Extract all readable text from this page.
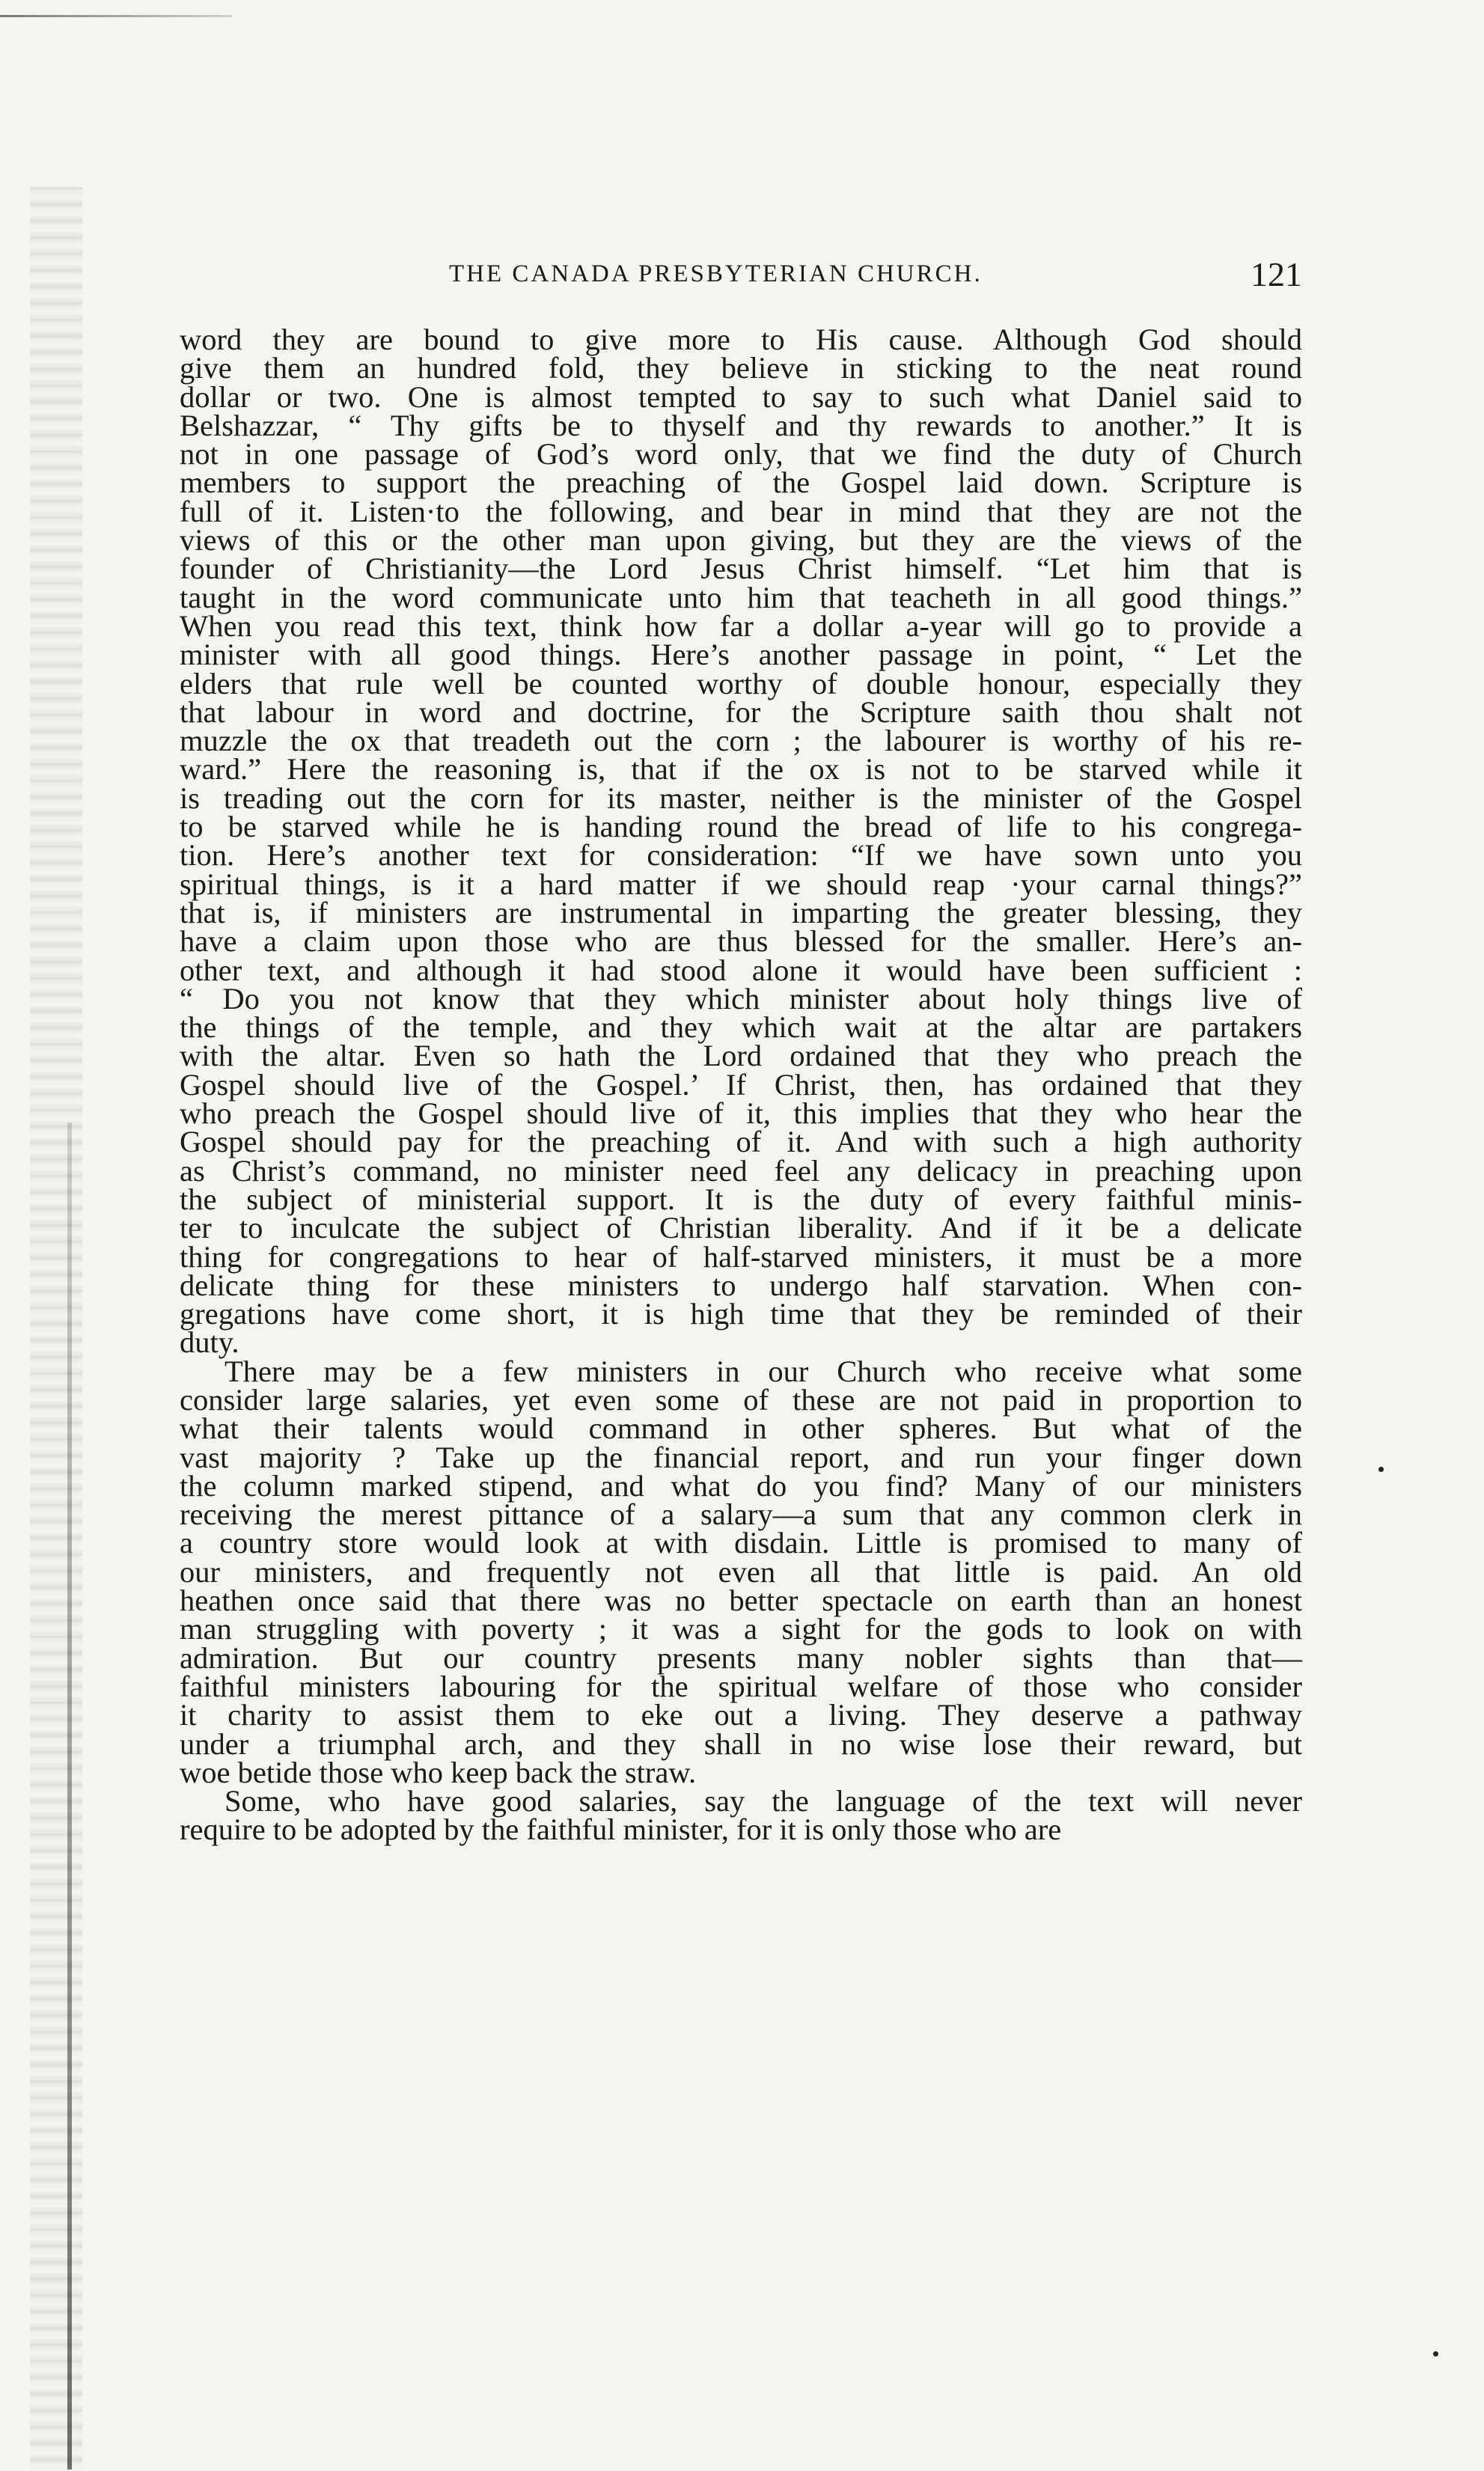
THE CANADA PRESBYTERIAN CHURCH.	121

word they are bound to give more to His cause. Although God should

give them an hundred fold, they believe in sticking to the neat round

dollar or two. One is almost tempted to say to such what Daniel said to

Belshazzar, “ Thy gifts be to thyself and thy rewards to another.” It is

not in one passage of God’s word only, that we find the duty of Church

members to support the preaching of the Gospel laid down. Scripture is

full of it. Listen·to the following, and bear in mind that they are not the

views of this or the other man upon giving, but they are the views of the

founder of Christianity—the Lord Jesus Christ himself. “Let him that is

taught in the word communicate unto him that teacheth in all good things.”

When you read this text, think how far a dollar a-year will go to provide a

minister with all good things. Here’s another passage in point, “ Let the

elders that rule well be counted worthy of double honour, especially they

that labour in word and doctrine, for the Scripture saith thou shalt not

muzzle the ox that treadeth out the corn ; the labourer is worthy of his re-

ward.” Here the reasoning is, that if the ox is not to be starved while it

is treading out the corn for its master, neither is the minister of the Gospel

to be starved while he is handing round the bread of life to his congrega-

tion. Here’s another text for consideration: “If we have sown unto you

spiritual things, is it a hard matter if we should reap ·your carnal things?”

that is, if ministers are instrumental in imparting the greater blessing, they

have a claim upon those who are thus blessed for the smaller. Here’s an-

other text, and although it had stood alone it would have been sufficient :

“ Do you not know that they which minister about holy things live of

the things of the temple, and they which wait at the altar are partakers

with the altar. Even so hath the Lord ordained that they who preach the

Gospel should live of the Gospel.’ If Christ, then, has ordained that they

who preach the Gospel should live of it, this implies that they who hear the

Gospel should pay for the preaching of it. And with such a high authority

as Christ’s command, no minister need feel any delicacy in preaching upon

the subject of ministerial support. It is the duty of every faithful minis-

ter to inculcate the subject of Christian liberality. And if it be a delicate

thing for congregations to hear of half-starved ministers, it must be a more

delicate thing for these ministers to undergo half starvation. When con-

gregations have come short, it is high time that they be reminded of their

duty.

There may be a few ministers in our Church who receive what some

consider large salaries, yet even some of these are not paid in proportion to

what their talents would command in other spheres. But what of the

vast majority ? Take up the financial report, and run your finger down

the column marked stipend, and what do you find? Many of our ministers

receiving the merest pittance of a salary—a sum that any common clerk in

a country store would look at with disdain. Little is promised to many of

our ministers, and frequently not even all that little is paid. An old

heathen once said that there was no better spectacle on earth than an honest

man struggling with poverty ; it was a sight for the gods to look on with

admiration. But our country presents many nobler sights than that—

faithful ministers labouring for the spiritual welfare of those who consider

it charity to assist them to eke out a living. They deserve a pathway

under a triumphal arch, and they shall in no wise lose their reward, but

woe betide those who keep back the straw.

Some, who have good salaries, say the language of the text will never

require to be adopted by the faithful minister, for it is only those who are
